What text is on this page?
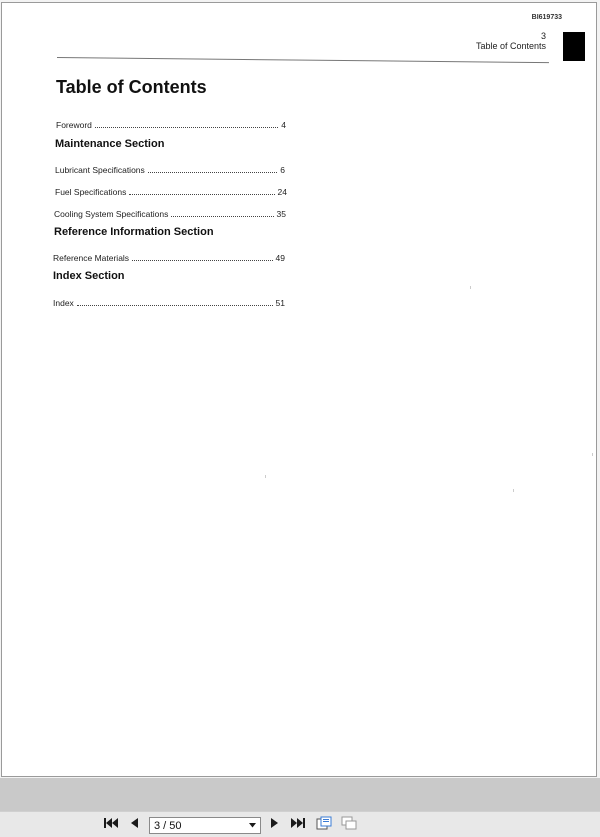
BI619733
3
Table of Contents
Table of Contents
Foreword	4
Maintenance Section
Lubricant Specifications	6
Fuel Specifications	24
Cooling System Specifications	35
Reference Information Section
Reference Materials	49
Index Section
Index	51
3 / 50
